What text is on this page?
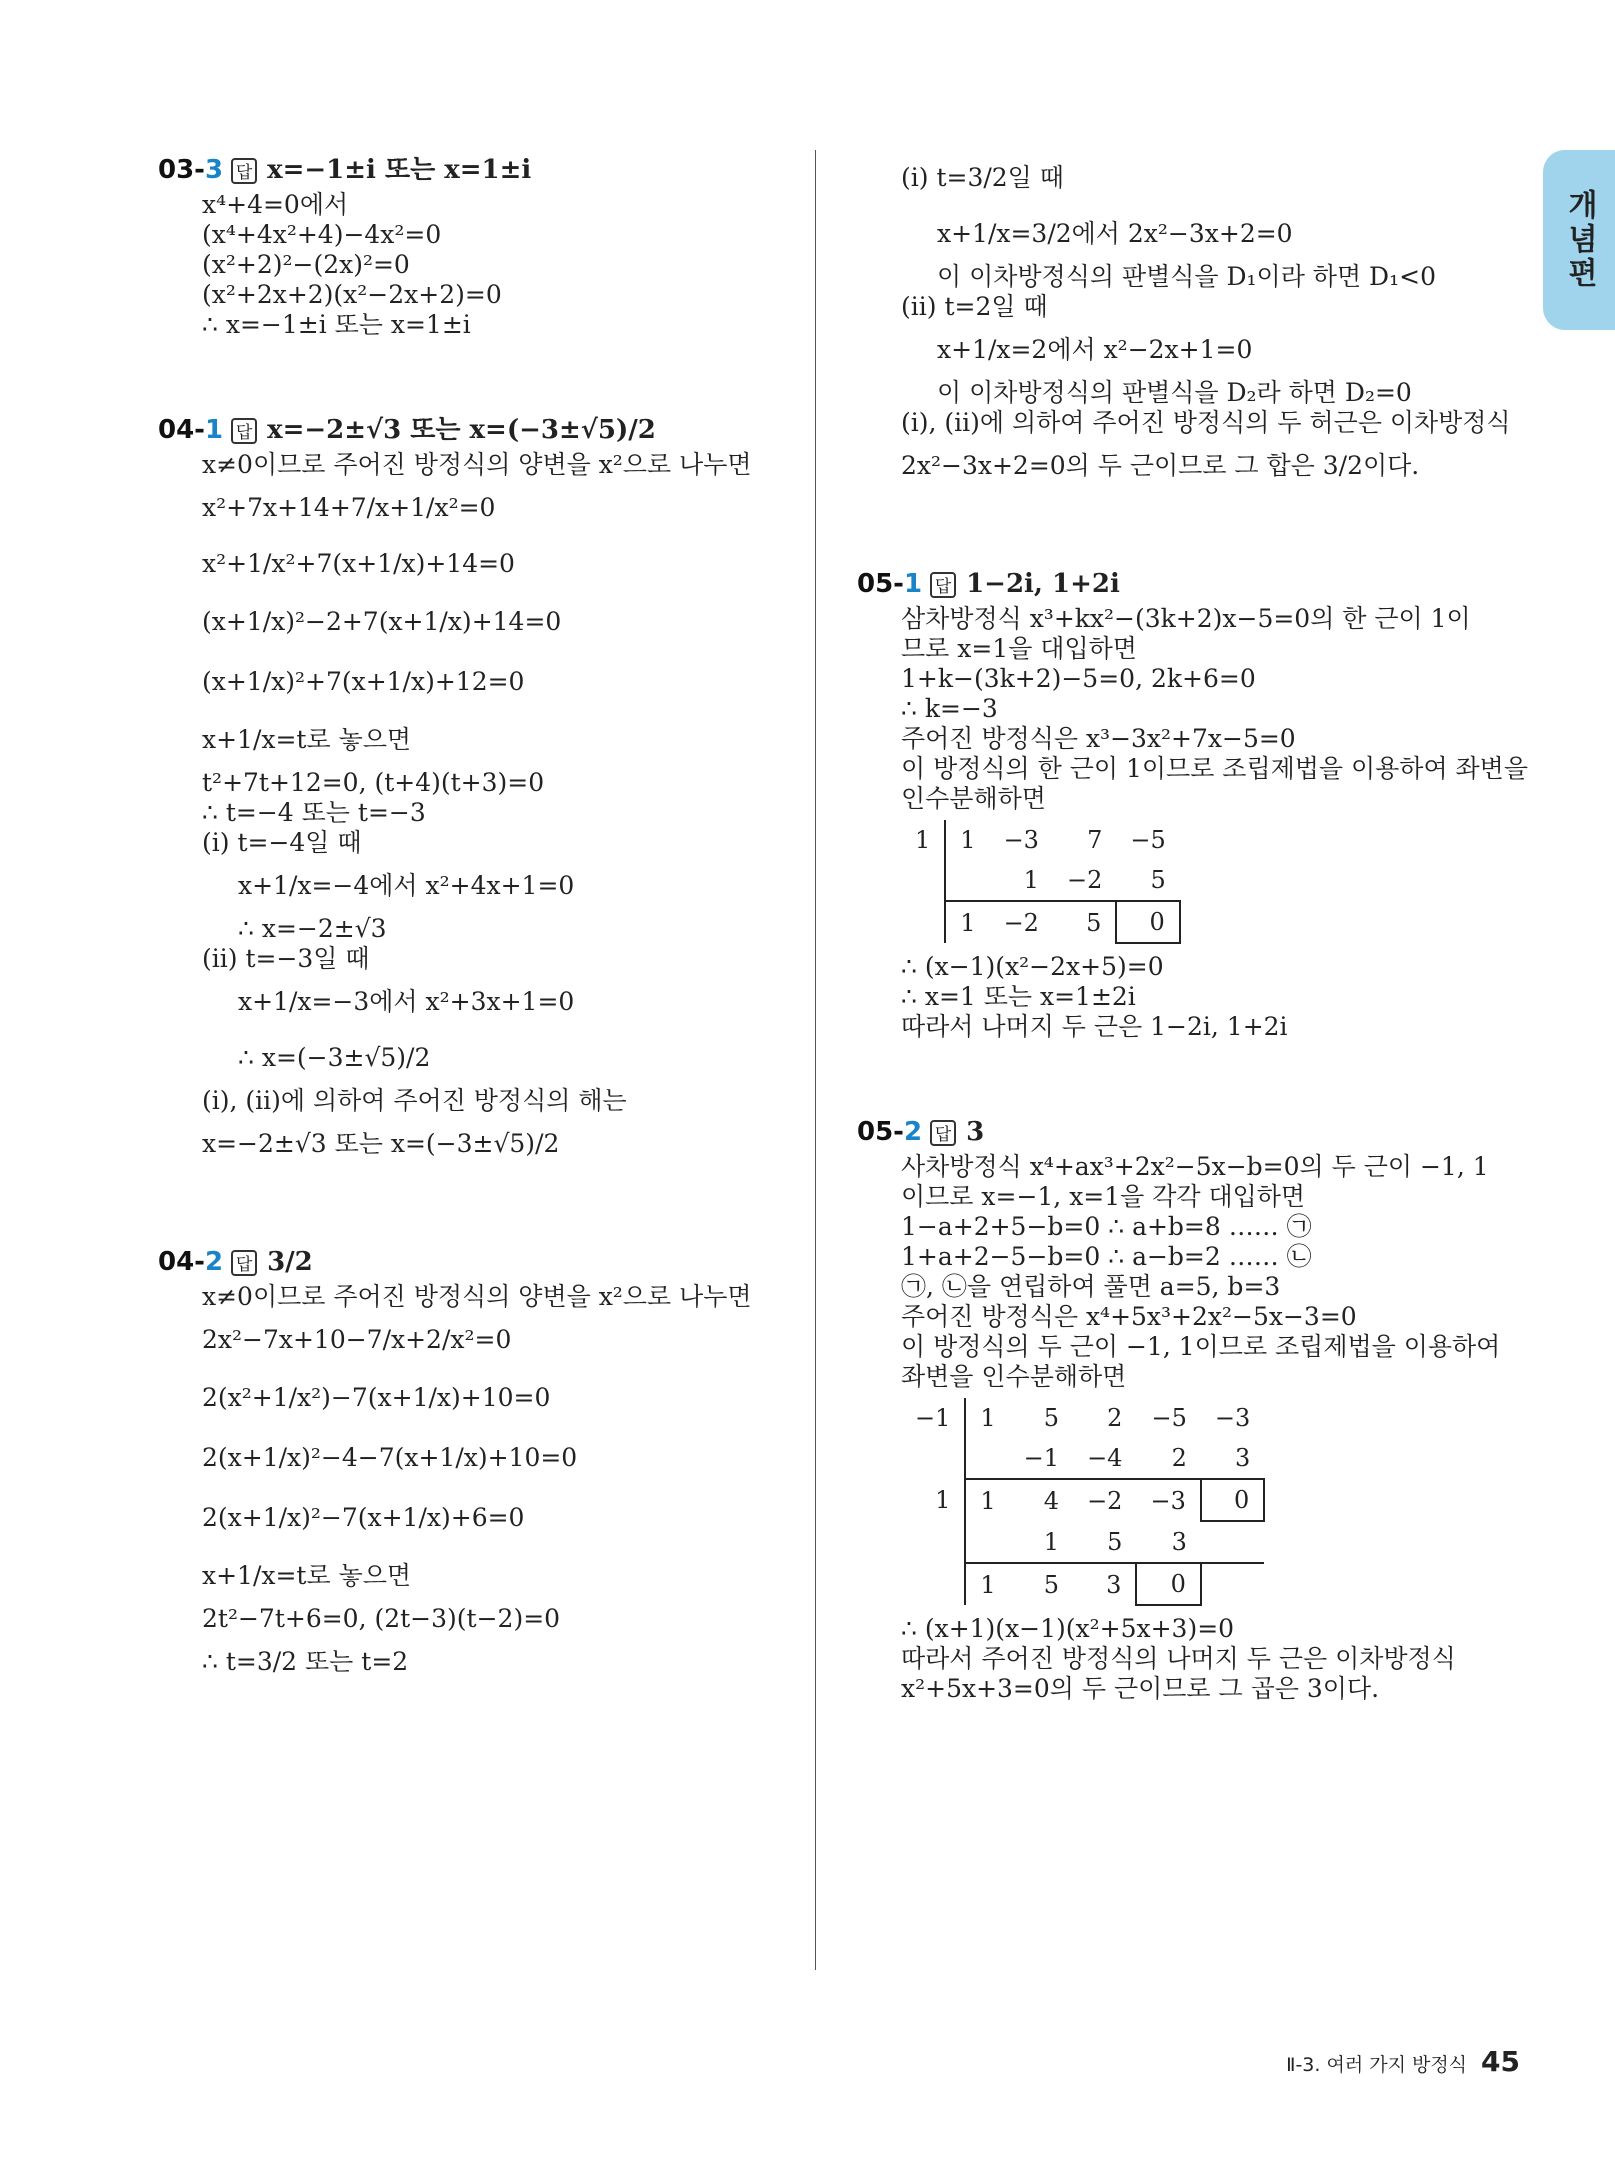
개념편
03-3 답 x=−1±i 또는 x=1±i
x⁴+4=0에서
(x⁴+4x²+4)−4x²=0
(x²+2)²−(2x)²=0
(x²+2x+2)(x²−2x+2)=0
∴ x=−1±i 또는 x=1±i
04-1 답 x=−2±√3 또는 x=(−3±√5)/2
x≠0이므로 주어진 방정식의 양변을 x²으로 나누면
x²+7x+14+7/x+1/x²=0
x²+1/x²+7(x+1/x)+14=0
(x+1/x)²−2+7(x+1/x)+14=0
(x+1/x)²+7(x+1/x)+12=0
x+1/x=t로 놓으면
t²+7t+12=0, (t+4)(t+3)=0
∴ t=−4 또는 t=−3
(ⅰ) t=−4일 때
x+1/x=−4에서 x²+4x+1=0
∴ x=−2±√3
(ⅱ) t=−3일 때
x+1/x=−3에서 x²+3x+1=0
∴ x=(−3±√5)/2
(ⅰ), (ⅱ)에 의하여 주어진 방정식의 해는
x=−2±√3 또는 x=(−3±√5)/2
04-2 답 3/2
x≠0이므로 주어진 방정식의 양변을 x²으로 나누면
2x²−7x+10−7/x+2/x²=0
2(x²+1/x²)−7(x+1/x)+10=0
2(x+1/x)²−4−7(x+1/x)+10=0
2(x+1/x)²−7(x+1/x)+6=0
x+1/x=t로 놓으면
2t²−7t+6=0, (2t−3)(t−2)=0
∴ t=3/2 또는 t=2
(ⅰ) t=3/2일 때
x+1/x=3/2에서 2x²−3x+2=0
이 이차방정식의 판별식을 D₁이라 하면 D₁<0
(ⅱ) t=2일 때
x+1/x=2에서 x²−2x+1=0
이 이차방정식의 판별식을 D₂라 하면 D₂=0
(ⅰ), (ⅱ)에 의하여 주어진 방정식의 두 허근은 이차방정식
2x²−3x+2=0의 두 근이므로 그 합은 3/2이다.
05-1 답 1−2i, 1+2i
삼차방정식 x³+kx²−(3k+2)x−5=0의 한 근이 1이
므로 x=1을 대입하면
1+k−(3k+2)−5=0, 2k+6=0
∴ k=−3
주어진 방정식은 x³−3x²+7x−5=0
이 방정식의 한 근이 1이므로 조립제법을 이용하여 좌변을
인수분해하면
1	1	−3	7	−5
		1	−2	5
	1	−2	5	0
∴ (x−1)(x²−2x+5)=0
∴ x=1 또는 x=1±2i
따라서 나머지 두 근은 1−2i, 1+2i
05-2 답 3
사차방정식 x⁴+ax³+2x²−5x−b=0의 두 근이 −1, 1
이므로 x=−1, x=1을 각각 대입하면
1−a+2+5−b=0 ∴ a+b=8 …… ㉠
1+a+2−5−b=0 ∴ a−b=2 …… ㉡
㉠, ㉡을 연립하여 풀면 a=5, b=3
주어진 방정식은 x⁴+5x³+2x²−5x−3=0
이 방정식의 두 근이 −1, 1이므로 조립제법을 이용하여
좌변을 인수분해하면
−1	1	5	2	−5	−3
		−1	−4	2	3
1	1	4	−2	−3	0
		1	5	3	
	1	5	3	0	
∴ (x+1)(x−1)(x²+5x+3)=0
따라서 주어진 방정식의 나머지 두 근은 이차방정식
x²+5x+3=0의 두 근이므로 그 곱은 3이다.
Ⅱ-3. 여러 가지 방정식 45
